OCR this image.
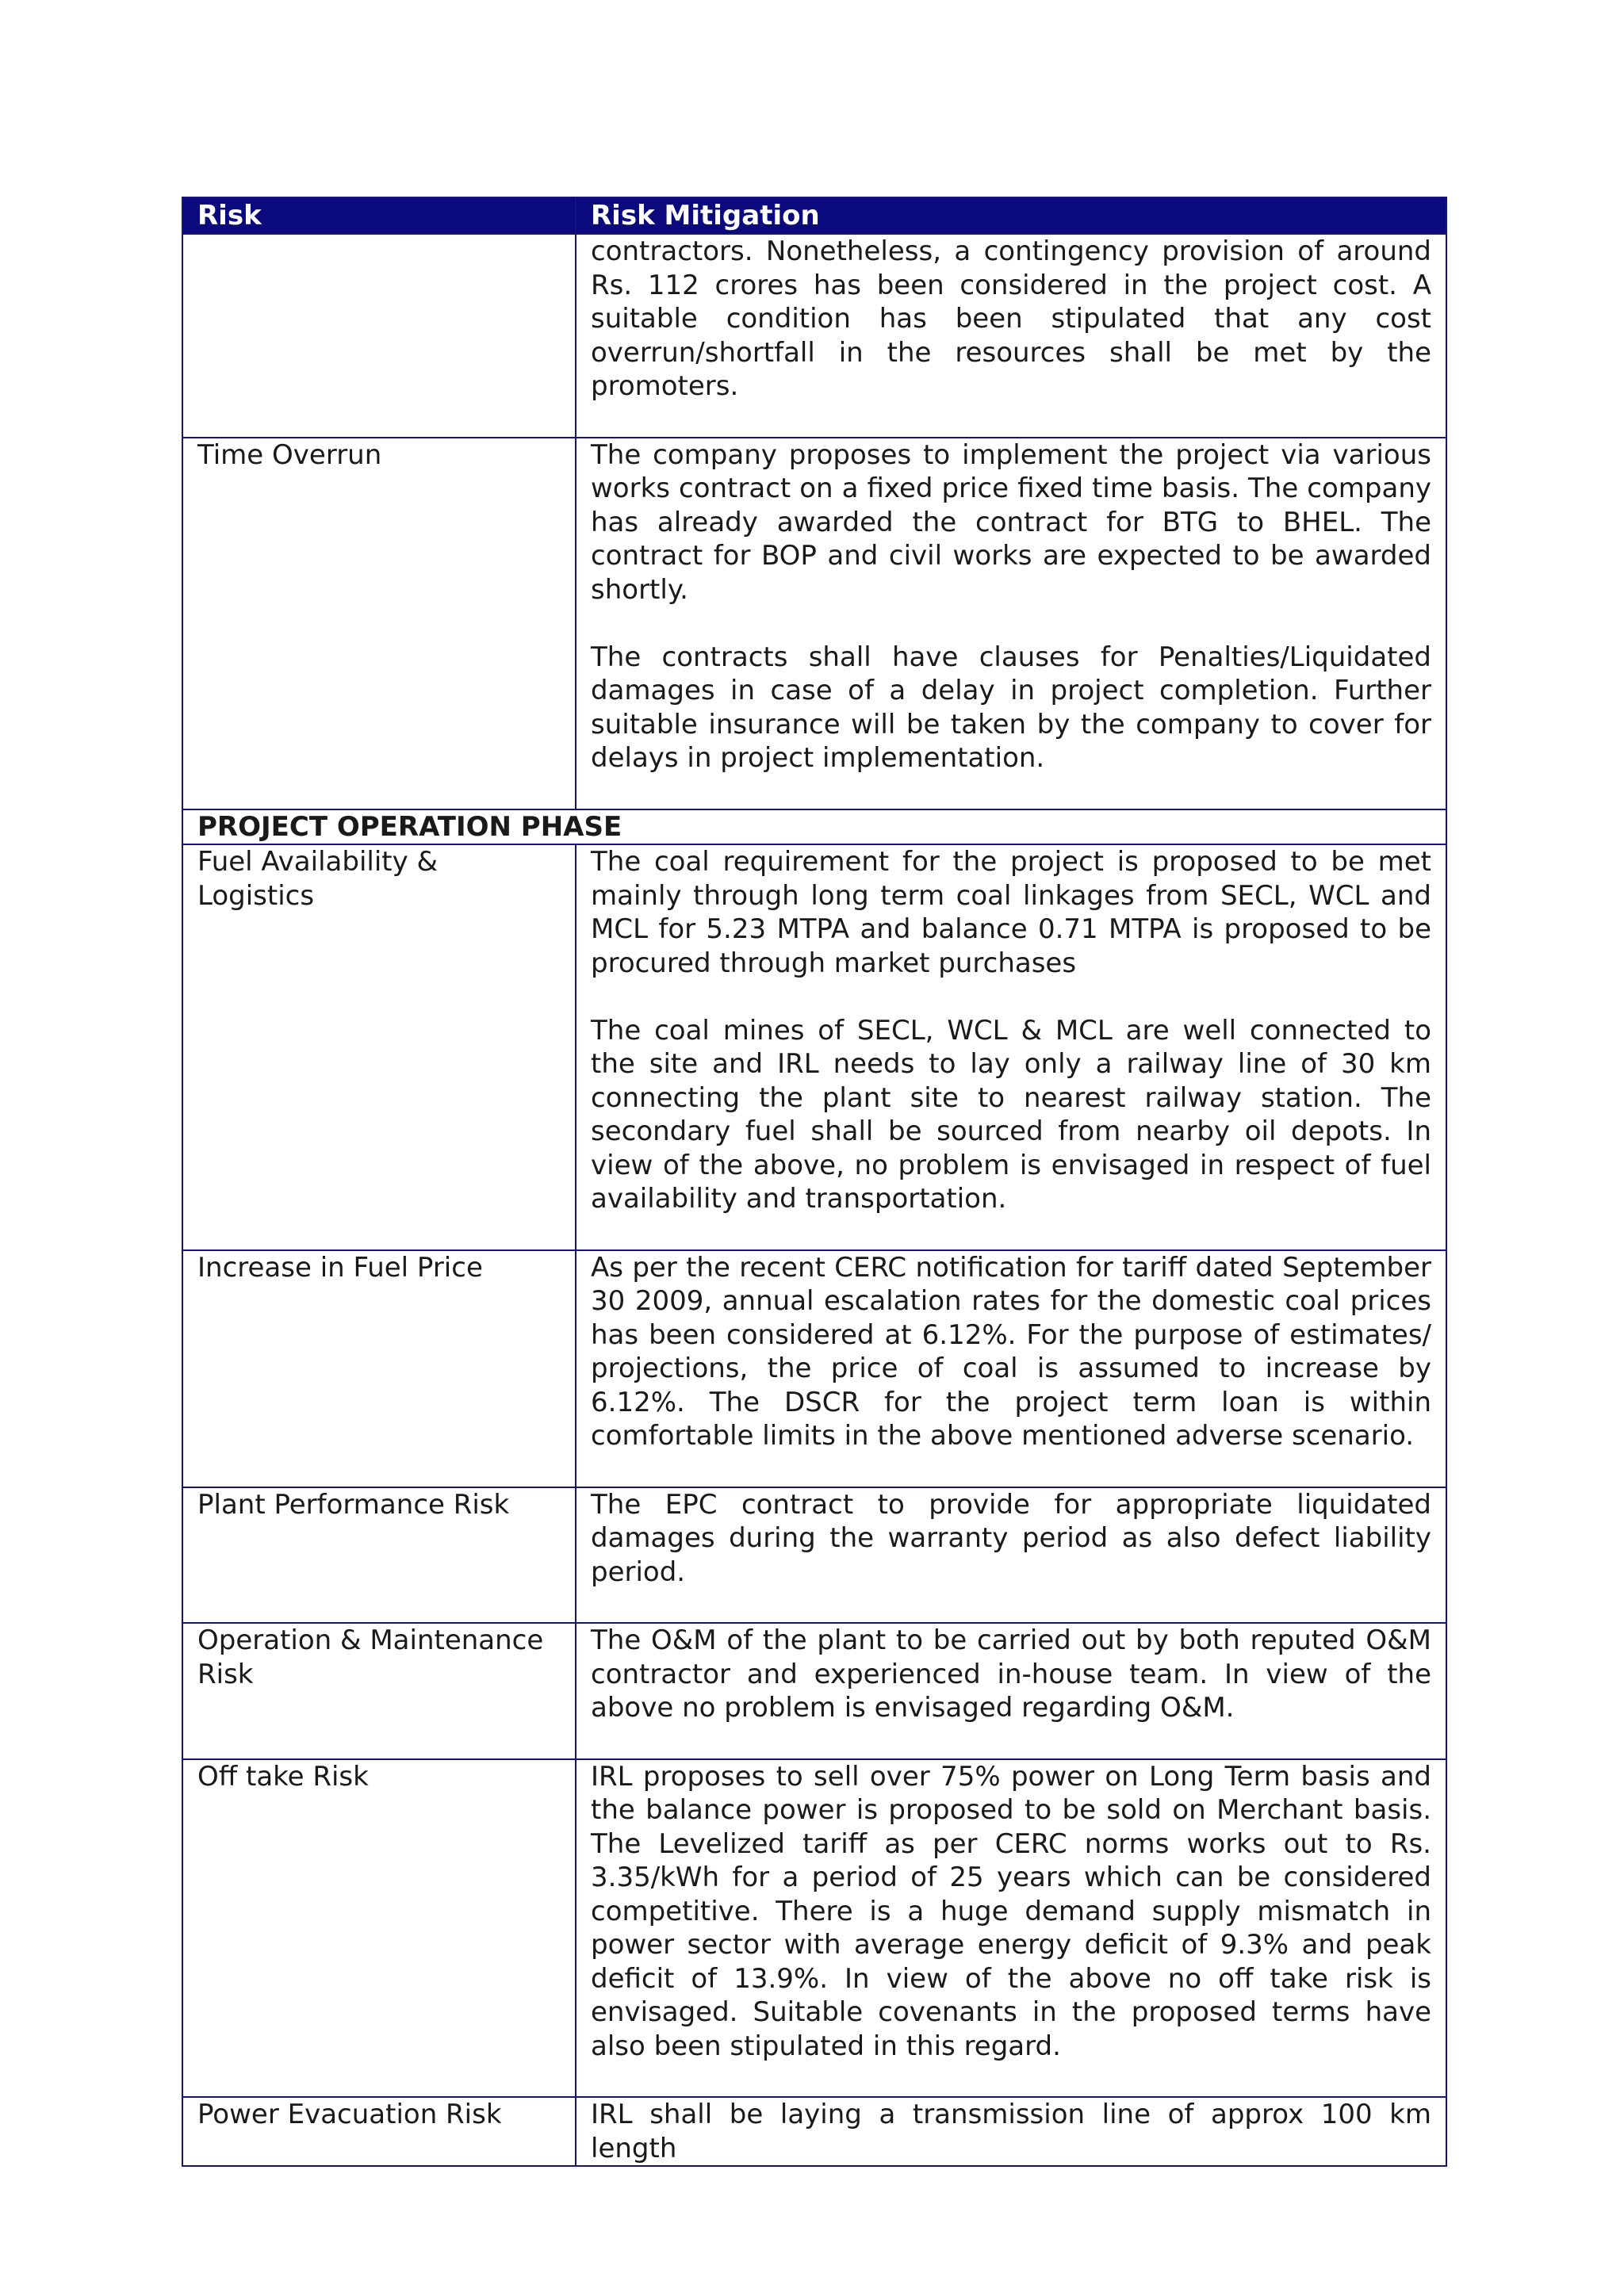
Risk	Risk Mitigation

	contractors. Nonetheless, a contingency provision of around Rs. 112 crores has been considered in the project cost. A suitable condition has been stipulated that any cost overrun/shortfall in the resources shall be met by the promoters.

Time Overrun	The company proposes to implement the project via various works contract on a fixed price fixed time basis. The company has already awarded the contract for BTG to BHEL. The contract for BOP and civil works are expected to be awarded shortly.

The contracts shall have clauses for Penalties/Liquidated damages in case of a delay in project completion. Further suitable insurance will be taken by the company to cover for delays in project implementation.

PROJECT OPERATION PHASE	
Fuel Availability & Logistics	The coal requirement for the project is proposed to be met mainly through long term coal linkages from SECL, WCL and MCL for 5.23 MTPA and balance 0.71 MTPA is proposed to be procured through market purchases

The coal mines of SECL, WCL & MCL are well connected to the site and IRL needs to lay only a railway line of 30 km connecting the plant site to nearest railway station. The secondary fuel shall be sourced from nearby oil depots. In view of the above, no problem is envisaged in respect of fuel availability and transportation.

Increase in Fuel Price	As per the recent CERC notification for tariff dated September 30 2009, annual escalation rates for the domestic coal prices has been considered at 6.12%. For the purpose of estimates/ projections, the price of coal is assumed to increase by 6.12%. The DSCR for the project term loan is within comfortable limits in the above mentioned adverse scenario.

Plant Performance Risk	The EPC contract to provide for appropriate liquidated damages during the warranty period as also defect liability period.

Operation & Maintenance Risk	The O&M of the plant to be carried out by both reputed O&M contractor and experienced in-house team. In view of the above no problem is envisaged regarding O&M.

Off take Risk	IRL proposes to sell over 75% power on Long Term basis and the balance power is proposed to be sold on Merchant basis. The Levelized tariff as per CERC norms works out to Rs. 3.35/kWh for a period of 25 years which can be considered competitive. There is a huge demand supply mismatch in power sector with average energy deficit of 9.3% and peak deficit of 13.9%. In view of the above no off take risk is envisaged. Suitable covenants in the proposed terms have also been stipulated in this regard.

Power Evacuation Risk	IRL shall be laying a transmission line of approx 100 km length
